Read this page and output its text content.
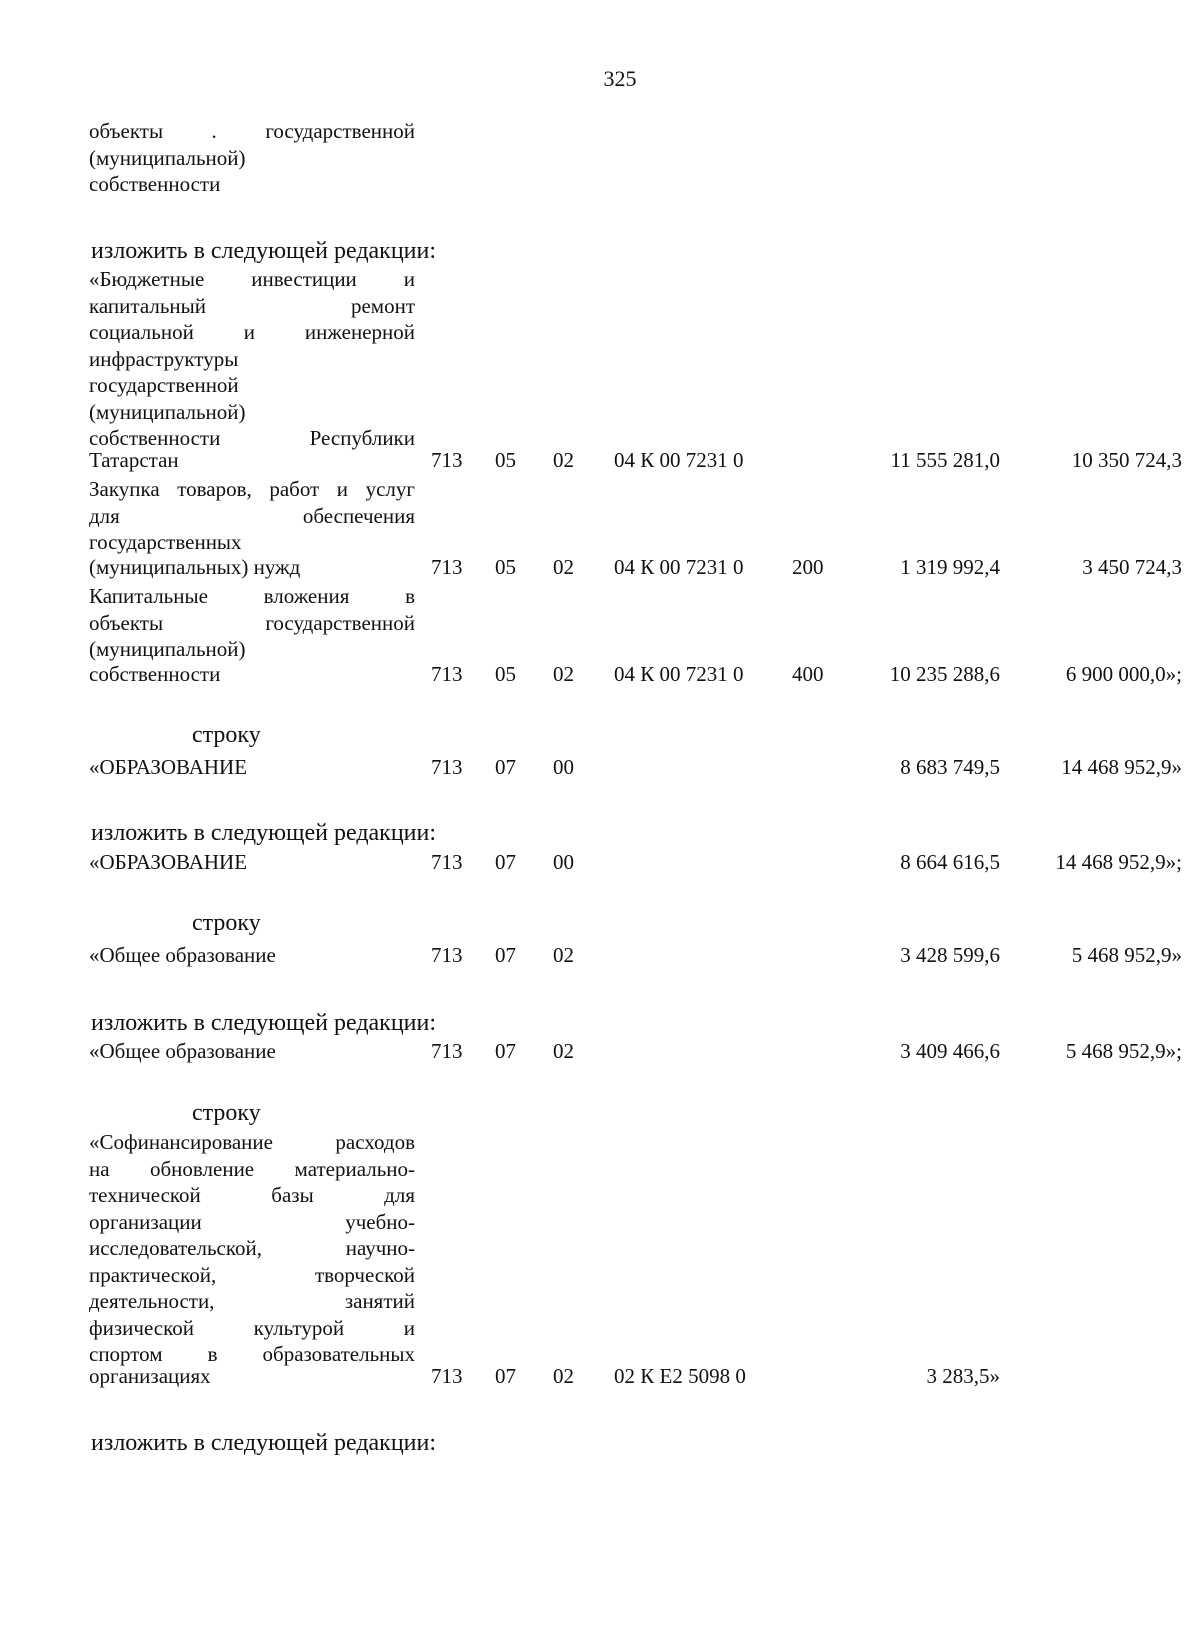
325
объекты . государственной
(муниципальной)
собственности
изложить в следующей редакции:
«Бюджетные инвестиции и
капитальный ремонт
социальной и инженерной
инфраструктуры
государственной
(муниципальной)
собственности Республики
Татарстан	713 05 02 04 К 00 7231 0	11 555 281,0	10 350 724,3
Закупка товаров, работ и услуг
для обеспечения
государственных
(муниципальных) нужд	713 05 02 04 К 00 7231 0 200	1 319 992,4	3 450 724,3
Капитальные вложения в
объекты государственной
(муниципальной)
собственности	713 05 02 04 К 00 7231 0 400	10 235 288,6	6 900 000,0»;
строку
«ОБРАЗОВАНИЕ	713 07 00	8 683 749,5	14 468 952,9»
изложить в следующей редакции:
«ОБРАЗОВАНИЕ	713 07 00	8 664 616,5	14 468 952,9»;
строку
«Общее образование	713 07 02	3 428 599,6	5 468 952,9»
изложить в следующей редакции:
«Общее образование	713 07 02	3 409 466,6	5 468 952,9»;
строку
«Софинансирование расходов
на обновление материально-
технической базы для
организации учебно-
исследовательской, научно-
практической, творческой
деятельности, занятий
физической культурой и
спортом в образовательных
организациях	713 07 02 02 К Е2 5098 0	3 283,5»
изложить в следующей редакции:
